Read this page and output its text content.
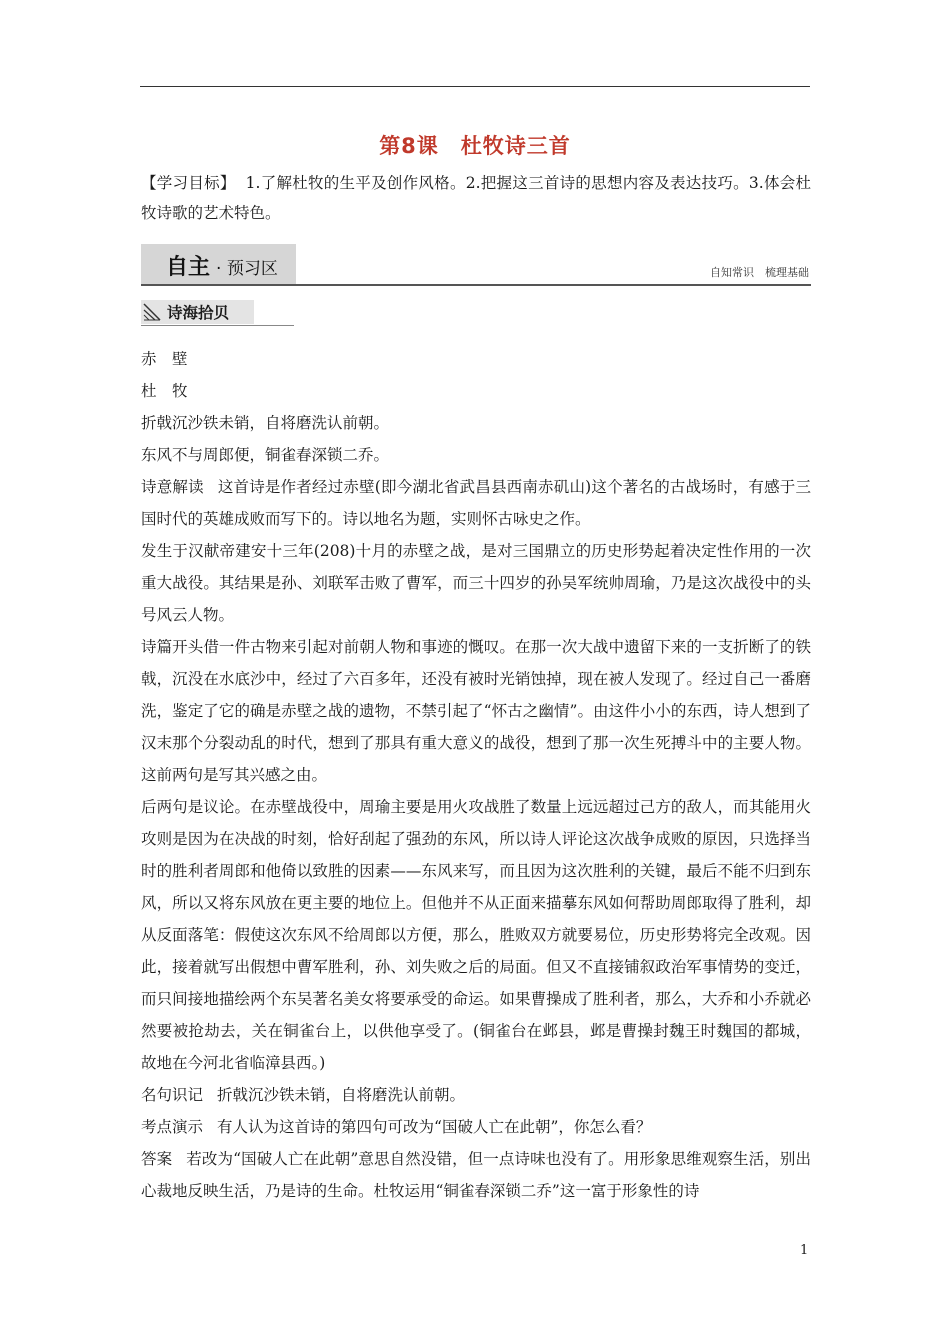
第8课　杜牧诗三首
【学习目标】 1.了解杜牧的生平及创作风格。2.把握这三首诗的思想内容及表达技巧。3.体会杜牧诗歌的艺术特色。
自主 · 预习区	自知常识　梳理基础
诗海拾贝

赤　壁

杜　牧

折戟沉沙铁未销，自将磨洗认前朝。

东风不与周郎便，铜雀春深锁二乔。

诗意解读 这首诗是作者经过赤壁(即今湖北省武昌县西南赤矶山)这个著名的古战场时，有感于三国时代的英雄成败而写下的。诗以地名为题，实则怀古咏史之作。

发生于汉献帝建安十三年(208)十月的赤壁之战，是对三国鼎立的历史形势起着决定性作用的一次重大战役。其结果是孙、刘联军击败了曹军，而三十四岁的孙吴军统帅周瑜，乃是这次战役中的头号风云人物。

诗篇开头借一件古物来引起对前朝人物和事迹的慨叹。在那一次大战中遗留下来的一支折断了的铁戟，沉没在水底沙中，经过了六百多年，还没有被时光销蚀掉，现在被人发现了。经过自己一番磨洗，鉴定了它的确是赤壁之战的遗物，不禁引起了“怀古之幽情”。由这件小小的东西，诗人想到了汉末那个分裂动乱的时代，想到了那具有重大意义的战役，想到了那一次生死搏斗中的主要人物。这前两句是写其兴感之由。

后两句是议论。在赤壁战役中，周瑜主要是用火攻战胜了数量上远远超过己方的敌人，而其能用火攻则是因为在决战的时刻，恰好刮起了强劲的东风，所以诗人评论这次战争成败的原因，只选择当时的胜利者周郎和他倚以致胜的因素——东风来写，而且因为这次胜利的关键，最后不能不归到东风，所以又将东风放在更主要的地位上。但他并不从正面来描摹东风如何帮助周郎取得了胜利，却从反面落笔：假使这次东风不给周郎以方便，那么，胜败双方就要易位，历史形势将完全改观。因此，接着就写出假想中曹军胜利，孙、刘失败之后的局面。但又不直接铺叙政治军事情势的变迁，而只间接地描绘两个东吴著名美女将要承受的命运。如果曹操成了胜利者，那么，大乔和小乔就必然要被抢劫去，关在铜雀台上，以供他享受了。(铜雀台在邺县，邺是曹操封魏王时魏国的都城，故地在今河北省临漳县西。)

名句识记 折戟沉沙铁未销，自将磨洗认前朝。

考点演示 有人认为这首诗的第四句可改为“国破人亡在此朝”，你怎么看？

答案 若改为“国破人亡在此朝”意思自然没错，但一点诗味也没有了。用形象思维观察生活，别出心裁地反映生活，乃是诗的生命。杜牧运用“铜雀春深锁二乔”这一富于形象性的诗

1
